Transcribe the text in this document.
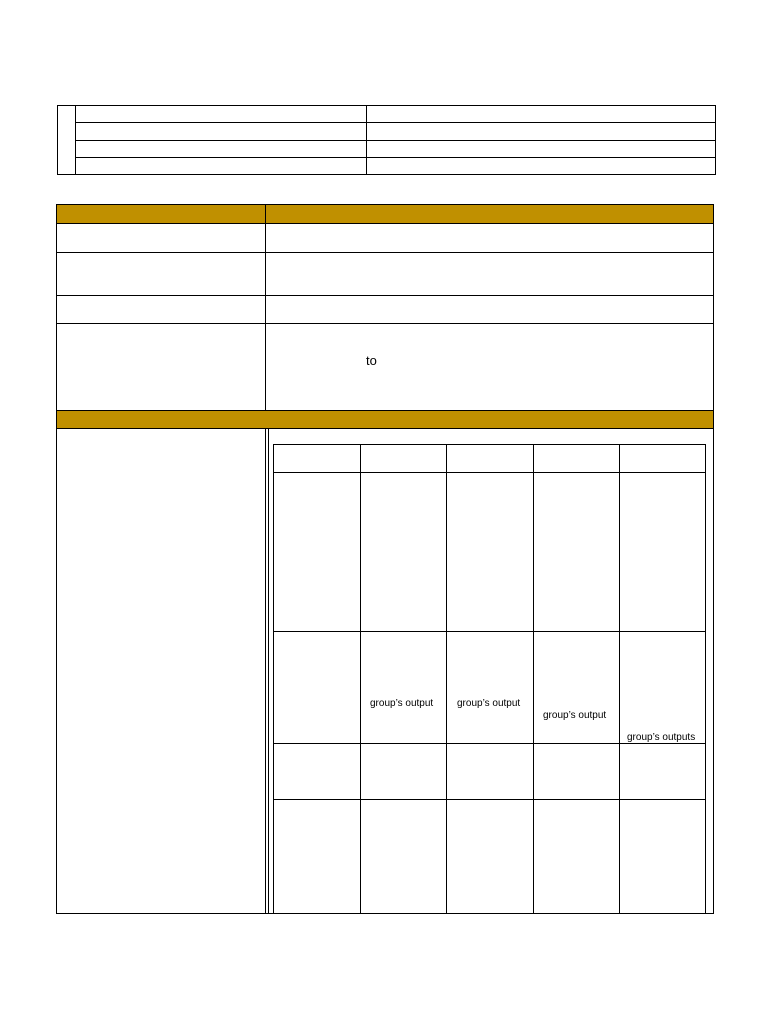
to
group’s output group’s output
group’s output
group’s outputs
